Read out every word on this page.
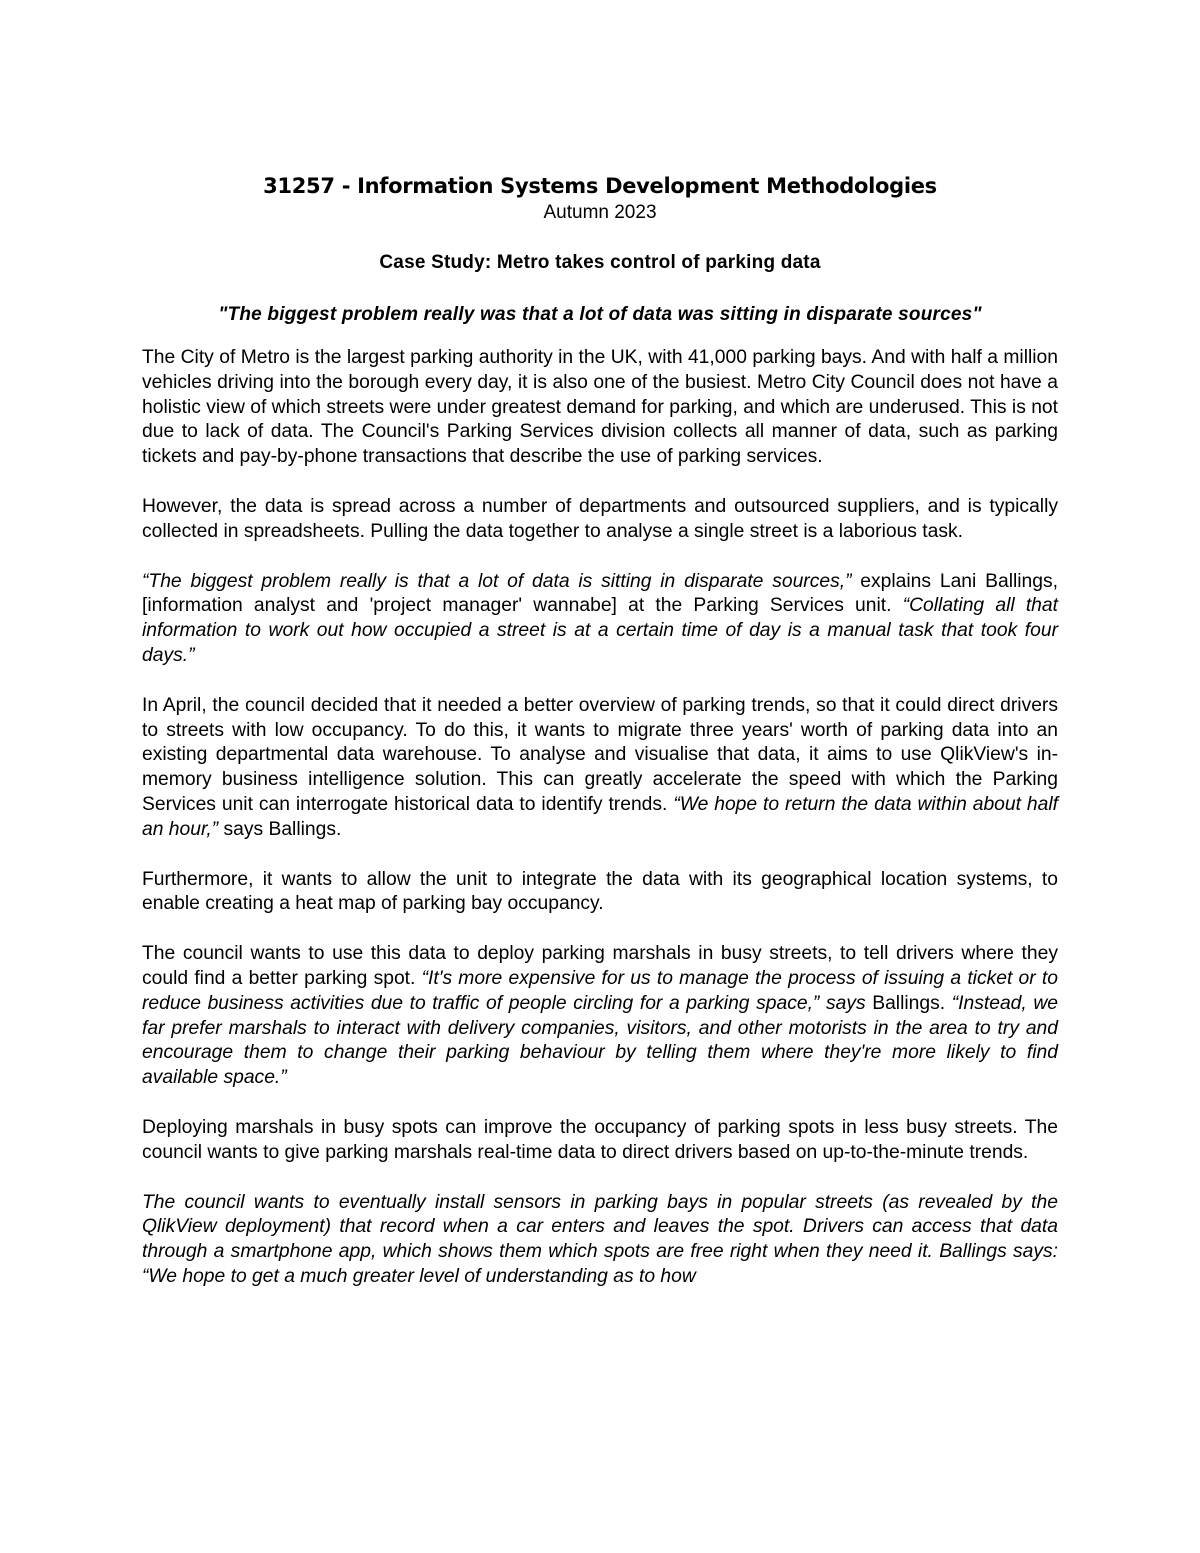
31257 - Information Systems Development Methodologies

Autumn 2023

Case Study: Metro takes control of parking data

"The biggest problem really was that a lot of data was sitting in disparate sources"

The City of Metro is the largest parking authority in the UK, with 41,000 parking bays. And with half a million vehicles driving into the borough every day, it is also one of the busiest. Metro City Council does not have a holistic view of which streets were under greatest demand for parking, and which are underused. This is not due to lack of data. The Council's Parking Services division collects all manner of data, such as parking tickets and pay-by-phone transactions that describe the use of parking services.

However, the data is spread across a number of departments and outsourced suppliers, and is typically collected in spreadsheets. Pulling the data together to analyse a single street is a laborious task.

“The biggest problem really is that a lot of data is sitting in disparate sources,” explains Lani Ballings, [information analyst and 'project manager' wannabe] at the Parking Services unit. “Collating all that information to work out how occupied a street is at a certain time of day is a manual task that took four days.”

In April, the council decided that it needed a better overview of parking trends, so that it could direct drivers to streets with low occupancy. To do this, it wants to migrate three years' worth of parking data into an existing departmental data warehouse. To analyse and visualise that data, it aims to use QlikView's in-memory business intelligence solution. This can greatly accelerate the speed with which the Parking Services unit can interrogate historical data to identify trends. “We hope to return the data within about half an hour,” says Ballings.

Furthermore, it wants to allow the unit to integrate the data with its geographical location systems, to enable creating a heat map of parking bay occupancy.

The council wants to use this data to deploy parking marshals in busy streets, to tell drivers where they could find a better parking spot. “It's more expensive for us to manage the process of issuing a ticket or to reduce business activities due to traffic of people circling for a parking space,” says Ballings. “Instead, we far prefer marshals to interact with delivery companies, visitors, and other motorists in the area to try and encourage them to change their parking behaviour by telling them where they're more likely to find available space.”

Deploying marshals in busy spots can improve the occupancy of parking spots in less busy streets. The council wants to give parking marshals real-time data to direct drivers based on up-to-the-minute trends.

The council wants to eventually install sensors in parking bays in popular streets (as revealed by the QlikView deployment) that record when a car enters and leaves the spot. Drivers can access that data through a smartphone app, which shows them which spots are free right when they need it. Ballings says: “We hope to get a much greater level of understanding as to how
